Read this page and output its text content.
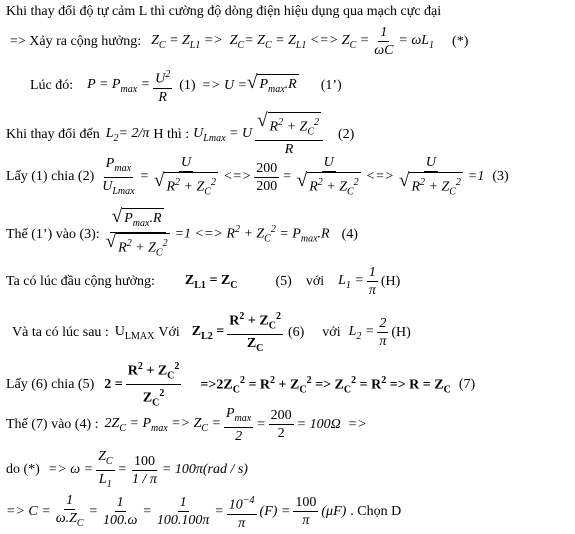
Khi thay đổi độ tự cảm L thì cường độ dòng điện hiệu dụng qua mạch cực đại
=> Xảy ra cộng hưởng: $Z_C = Z_{L1} => Z_C= Z_C = Z_{L1}$ <=> $Z_C = \frac{1}{\omega C} = \omega L_1$ (*)
Lúc đó: $P = P_{max} = \frac{U^2}{R} (1) => U$ = √ $P_{max}.R$ (1’)
Khi thay đổi đến $L_2= 2/\pi$ H thì : $U_{Lmax} = U \frac{√ R^2 + Z_C^2}{R} (2)$
Lấy (1) chia $(2) \frac{P_{max}}{U_{Lmax}} = \frac{U}{√ R^2 + Z_C^2}$ <=> $\frac{200}{200} = \frac{U}{√ R^2 + Z_C^2}$ <=> $\frac{U}{√ R^2 + Z_C^2} =1$ (3)
Thế (1’) vào (3): $\frac{√ P_{max}.R}{√ R^2 + Z_C^2} =1$ <=> $R^2 + Z_C^2 = P_{max}.R$ (4)
Ta có lúc đầu cộng hưởng: $Z_{L1} = Z_C$	(5) với $L_1 = \frac{1}{\pi} (H)$
Và ta có lúc sau : $U_{LMAX}$ Với $Z_{L2} = \frac{R^2 + Z_C^2}{Z_C} (6)$ với $L_2 = \frac{2}{\pi} (H)$
Lấy (6) chia (5) $2 = \frac{R^2 + Z_C^2}{Z_C^2} =>2Z_C^2 = R^2 + Z_C^2 => Z_C^2 = R^2 => R = Z_C$ (7)
Thế (7) vào (4) : $2Z_C = P_{max} => Z_C = \frac{P_{max}}{2} = \frac{200}{2} = 100\Omega$  =>
do (*) => $\omega = \frac{Z_C}{L_1} = \frac{100}{1 / \pi} = 100\pi(rad / s)$
=> $C = \frac{1}{\omega.Z_C} = \frac{1}{100.\omega} = \frac{1}{100.100\pi} = \frac{10^{-4}}{\pi} (F) = \frac{100}{\pi} (\mu F)$ . Chọn D
